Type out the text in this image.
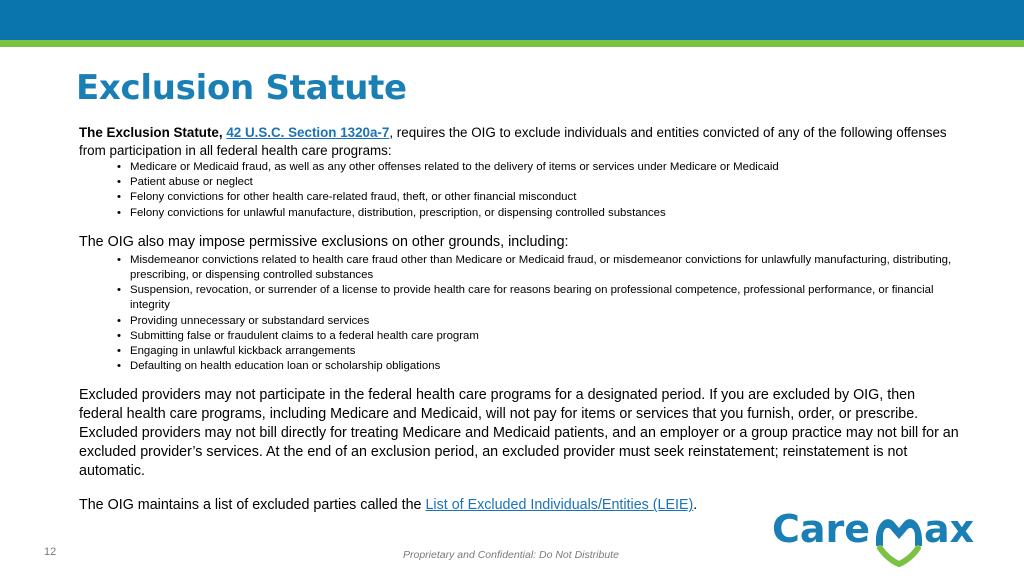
Exclusion Statute

The Exclusion Statute, 42 U.S.C. Section 1320a-7, requires the OIG to exclude individuals and entities convicted of any of the following offenses from participation in all federal health care programs:

• Medicare or Medicaid fraud, as well as any other offenses related to the delivery of items or services under Medicare or Medicaid
• Patient abuse or neglect
• Felony convictions for other health care-related fraud, theft, or other financial misconduct
• Felony convictions for unlawful manufacture, distribution, prescription, or dispensing controlled substances

The OIG also may impose permissive exclusions on other grounds, including:

• Misdemeanor convictions related to health care fraud other than Medicare or Medicaid fraud, or misdemeanor convictions for unlawfully manufacturing, distributing, prescribing, or dispensing controlled substances
• Suspension, revocation, or surrender of a license to provide health care for reasons bearing on professional competence, professional performance, or financial integrity
• Providing unnecessary or substandard services
• Submitting false or fraudulent claims to a federal health care program
• Engaging in unlawful kickback arrangements
• Defaulting on health education loan or scholarship obligations

Excluded providers may not participate in the federal health care programs for a designated period. If you are excluded by OIG, then federal health care programs, including Medicare and Medicaid, will not pay for items or services that you furnish, order, or prescribe. Excluded providers may not bill directly for treating Medicare and Medicaid patients, and an employer or a group practice may not bill for an excluded provider’s services. At the end of an exclusion period, an excluded provider must seek reinstatement; reinstatement is not automatic.

The OIG maintains a list of excluded parties called the List of Excluded Individuals/Entities (LEIE).

12	Proprietary and Confidential: Do Not Distribute
Care ax
